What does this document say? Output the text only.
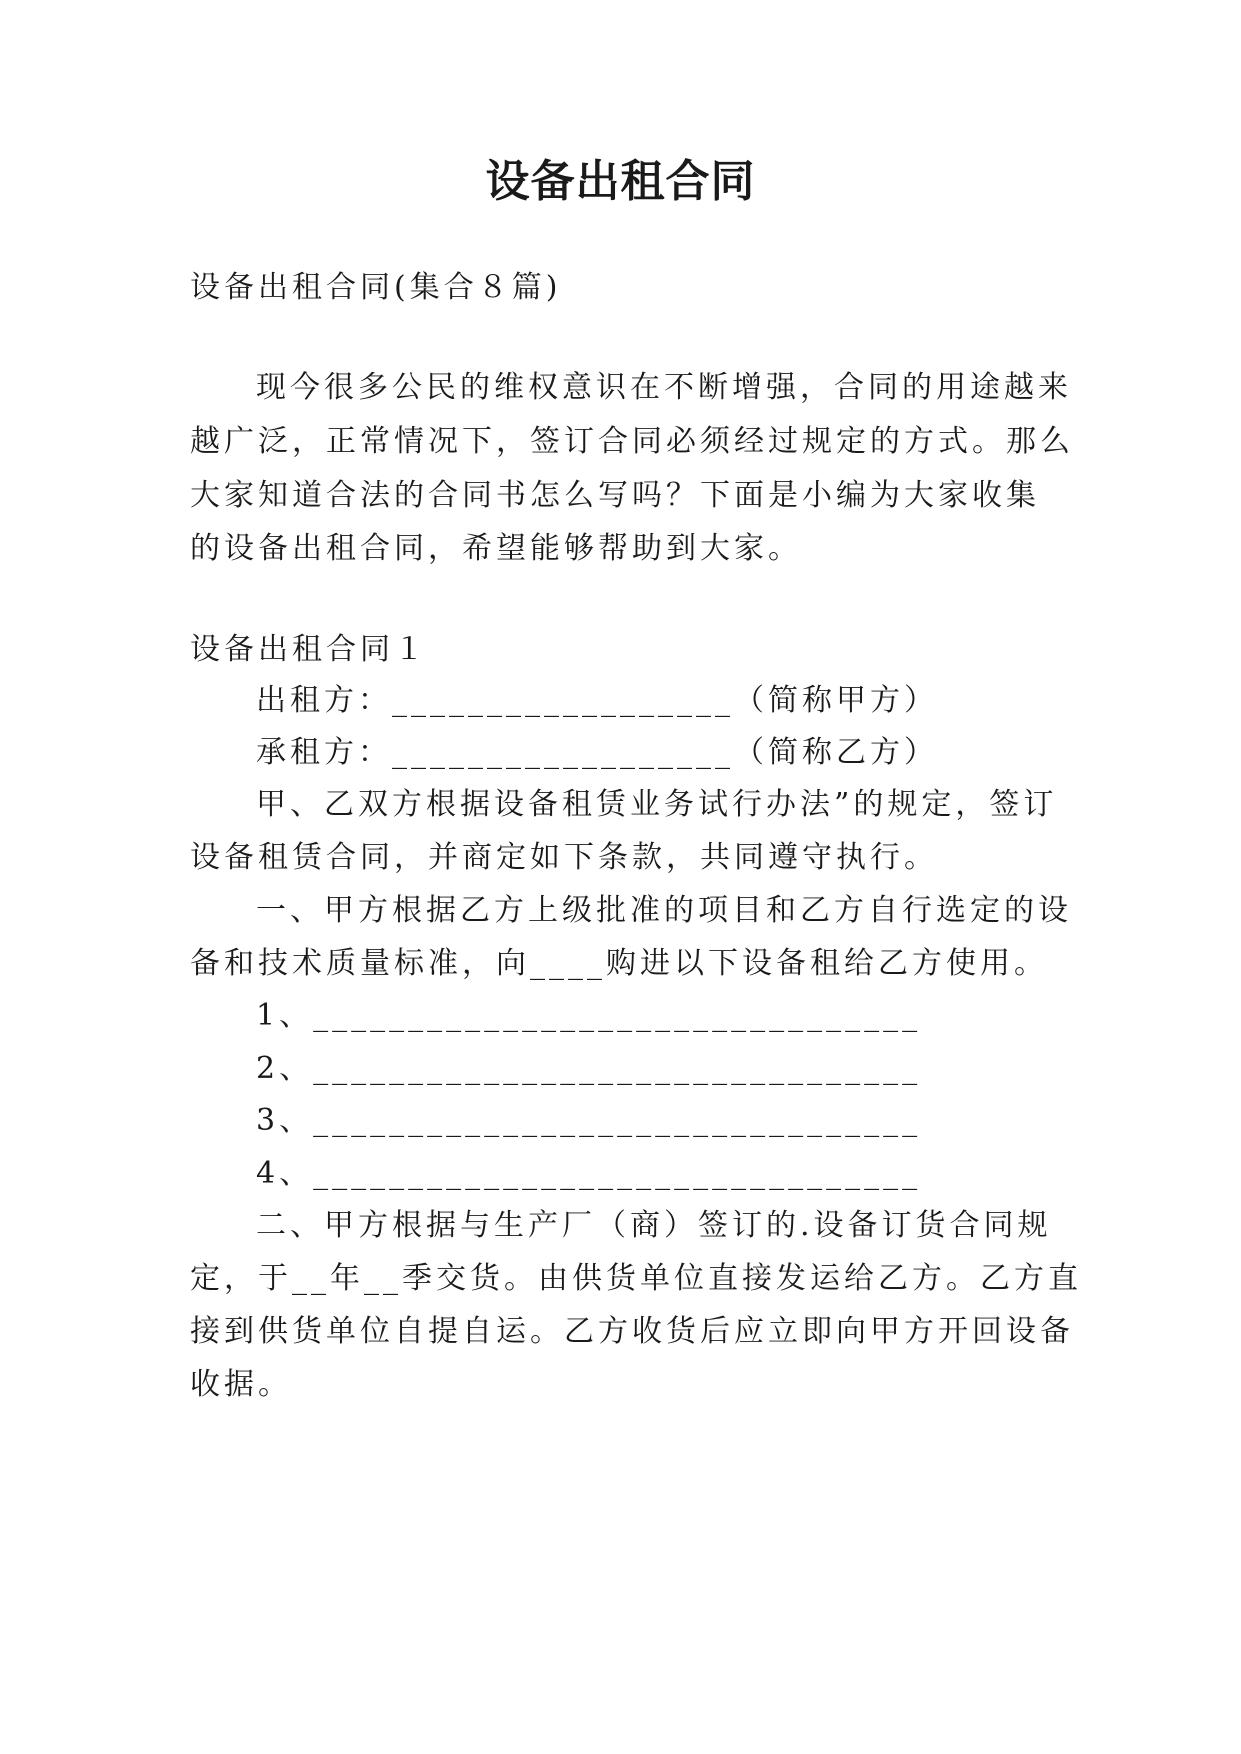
设备出租合同
设备出租合同(集合８篇)
现今很多公民的维权意识在不断增强，合同的用途越来
越广泛，正常情况下，签订合同必须经过规定的方式。那么
大家知道合法的合同书怎么写吗？下面是小编为大家收集
的设备出租合同，希望能够帮助到大家。
设备出租合同１
出租方：__________________（简称甲方）
承租方：__________________（简称乙方）
甲、乙双方根据设备租赁业务试行办法”的规定，签订
设备租赁合同，并商定如下条款，共同遵守执行。
一、甲方根据乙方上级批准的项目和乙方自行选定的设
备和技术质量标准，向____购进以下设备租给乙方使用。
1、________________________________
2、________________________________
3、________________________________
4、________________________________
二、甲方根据与生产厂（商）签订的.设备订货合同规
定，于__年__季交货。由供货单位直接发运给乙方。乙方直
接到供货单位自提自运。乙方收货后应立即向甲方开回设备
收据。
